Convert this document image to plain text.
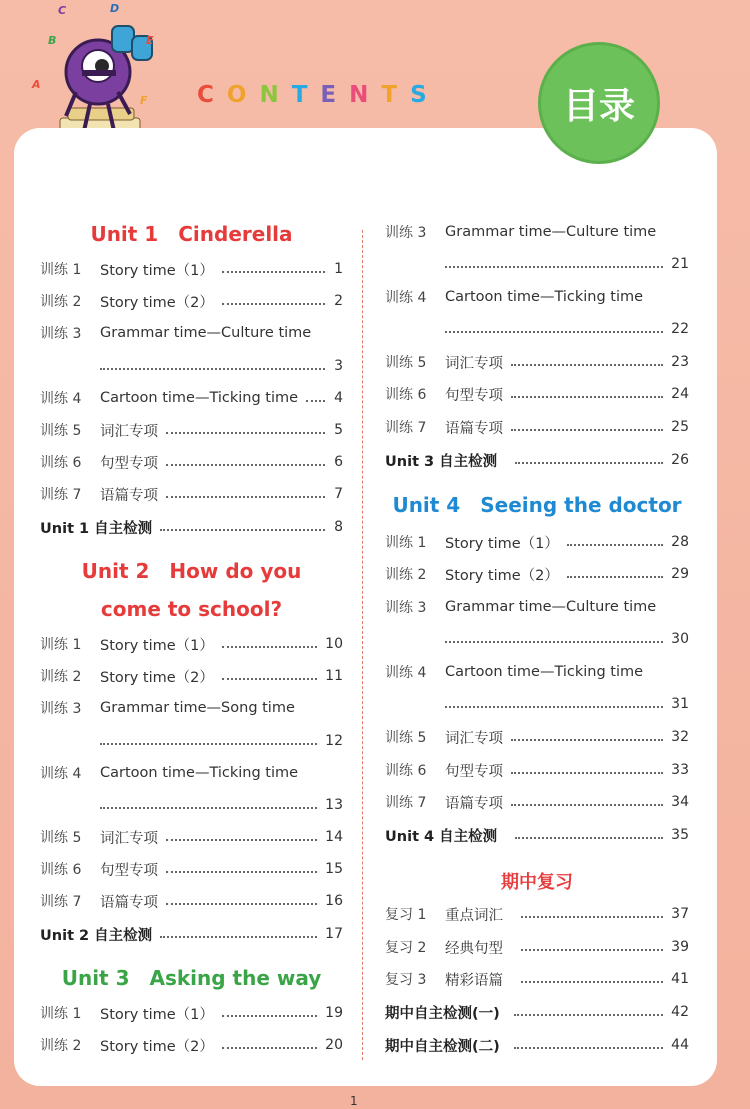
C	D
B	E
A
F CONTENTS	目录
Unit 1 Cinderella
训练 1	Story time（1）	1
训练 2	Story time（2）	2
训练 3	Grammar time—Culture time
3
训练 4	Cartoon time—Ticking time	4
训练 5	词汇专项	5
训练 6	句型专项	6
训练 7	语篇专项	7
Unit 1 自主检测	8
Unit 2 How do you
come to school?
训练 1	Story time（1）	10
训练 2	Story time（2）	11
训练 3	Grammar time—Song time
12
训练 4	Cartoon time—Ticking time
13
训练 5	词汇专项	14
训练 6	句型专项	15
训练 7	语篇专项	16
Unit 2 自主检测	17
Unit 3 Asking the way
训练 1	Story time（1）	19
训练 2	Story time（2）	20
训练 3	Grammar time—Culture time
21
训练 4	Cartoon time—Ticking time
22
训练 5	词汇专项	23
训练 6	句型专项	24
训练 7	语篇专项	25
Unit 3 自主检测	26
Unit 4 Seeing the doctor
训练 1	Story time（1）	28
训练 2	Story time（2）	29
训练 3	Grammar time—Culture time
30
训练 4	Cartoon time—Ticking time
31
训练 5	词汇专项	32
训练 6	句型专项	33
训练 7	语篇专项	34
Unit 4 自主检测	35
期中复习
复习 1	重点词汇	37
复习 2	经典句型	39
复习 3	精彩语篇	41
期中自主检测(一)	42
期中自主检测(二)	44
1
